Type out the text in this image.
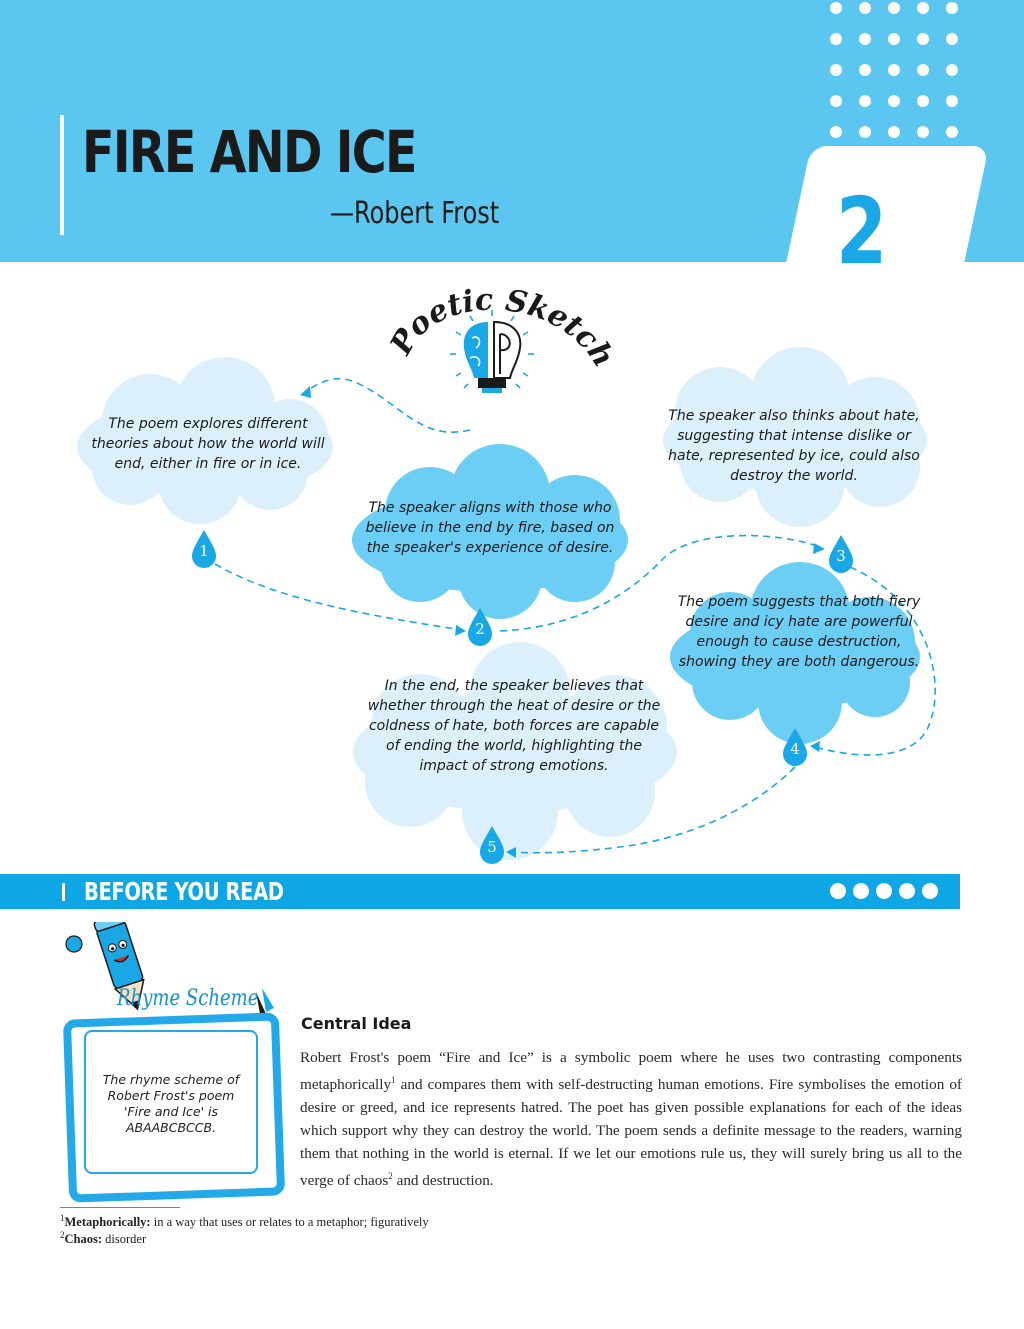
FIRE AND ICE
—Robert Frost	2
Poetic Sketch
The poem explores different theories about how the world will end, either in fire or in ice.
The speaker aligns with those who believe in the end by fire, based on the speaker's experience of desire.
The speaker also thinks about hate, suggesting that intense dislike or hate, represented by ice, could also destroy the world.
The poem suggests that both fiery desire and icy hate are powerful enough to cause destruction, showing they are both dangerous.
In the end, the speaker believes that whether through the heat of desire or the coldness of hate, both forces are capable of ending the world, highlighting the impact of strong emotions.
1
2
3
4
5
BEFORE YOU READ
Rhyme Scheme
The rhyme scheme of Robert Frost's poem 'Fire and Ice' is ABAABCBCCB.
Central Idea
Robert Frost's poem “Fire and Ice” is a symbolic poem where he uses two contrasting components metaphorically$^1$ and compares them with self-destructing human emotions. Fire symbolises the emotion of desire or greed, and ice represents hatred. The poet has given possible explanations for each of the ideas which support why they can destroy the world. The poem sends a definite message to the readers, warning them that nothing in the world is eternal. If we let our emotions rule us, they will surely bring us all to the verge of chaos$^2$ and destruction.
$^1$Metaphorically: in a way that uses or relates to a metaphor; figuratively
$^2$Chaos: disorder
